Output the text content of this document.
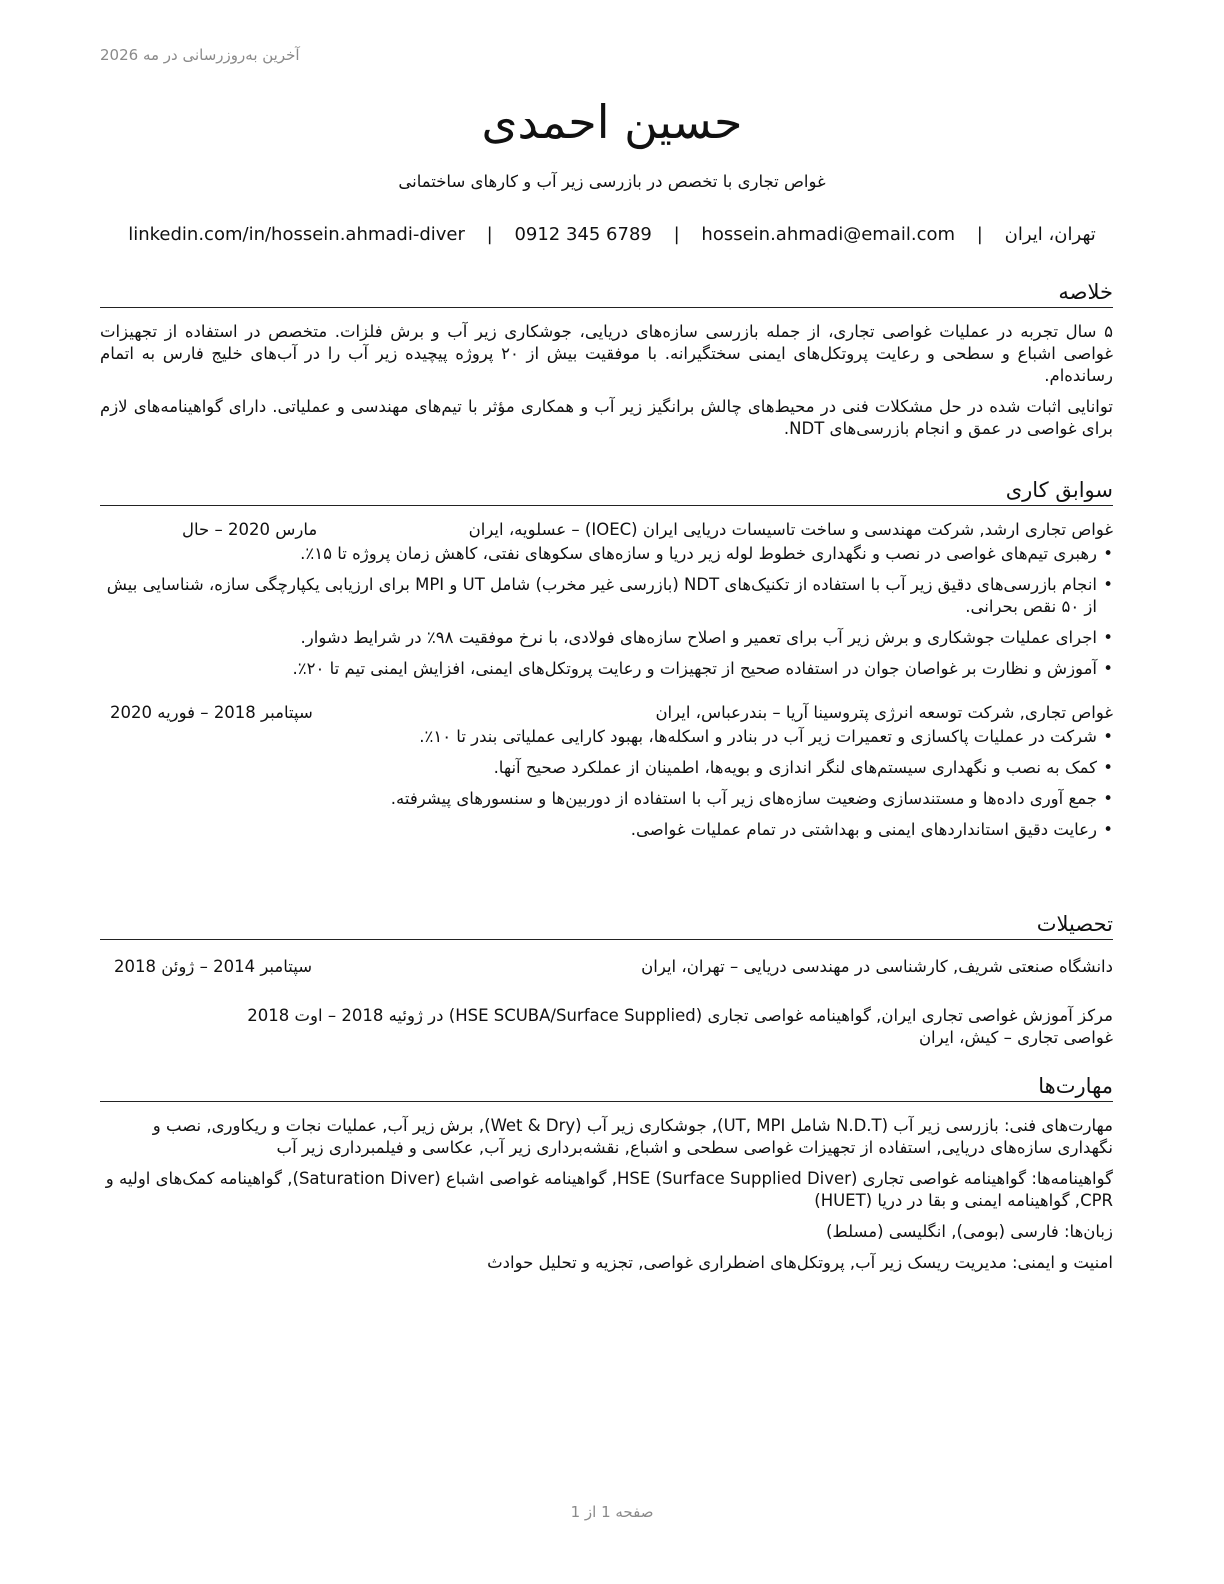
آخرین به‌روزرسانی در مه 2026
حسین احمدی
غواص تجاری با تخصص در بازرسی زیر آب و کارهای ساختمانی
تهران، ایران | hossein.ahmadi@email.com | 0912 345 6789 | linkedin.com/in/hossein.ahmadi-diver
خلاصه

۵ سال تجربه در عملیات غواصی تجاری، از جمله بازرسی سازه‌های دریایی، جوشکاری زیر آب و برش فلزات. متخصص در استفاده از تجهیزات غواصی اشباع و سطحی و رعایت پروتکل‌های ایمنی سختگیرانه. با موفقیت بیش از ۲۰ پروژه پیچیده زیر آب را در آب‌های خلیج فارس به اتمام رسانده‌ام.

توانایی اثبات شده در حل مشکلات فنی در محیط‌های چالش برانگیز زیر آب و همکاری مؤثر با تیم‌های مهندسی و عملیاتی. دارای گواهینامه‌های لازم برای غواصی در عمق و انجام بازرسی‌های NDT.

سوابق کاری
غواص تجاری ارشد, شرکت مهندسی و ساخت تاسیسات دریایی ایران (IOEC) – عسلویه، ایران
مارس 2020 – حال
• رهبری تیم‌های غواصی در نصب و نگهداری خطوط لوله زیر دریا و سازه‌های سکوهای نفتی، کاهش زمان پروژه تا ۱۵٪.
• انجام بازرسی‌های دقیق زیر آب با استفاده از تکنیک‌های NDT (بازرسی غیر مخرب) شامل UT و MPI برای ارزیابی یکپارچگی سازه، شناسایی بیش از ۵۰ نقص بحرانی.
• اجرای عملیات جوشکاری و برش زیر آب برای تعمیر و اصلاح سازه‌های فولادی، با نرخ موفقیت ۹۸٪ در شرایط دشوار.
• آموزش و نظارت بر غواصان جوان در استفاده صحیح از تجهیزات و رعایت پروتکل‌های ایمنی، افزایش ایمنی تیم تا ۲۰٪.
غواص تجاری, شرکت توسعه انرژی پتروسینا آریا – بندرعباس، ایران
سپتامبر 2018 – فوریه 2020
• شرکت در عملیات پاکسازی و تعمیرات زیر آب در بنادر و اسکله‌ها، بهبود کارایی عملیاتی بندر تا ۱۰٪.
• کمک به نصب و نگهداری سیستم‌های لنگر اندازی و بویه‌ها، اطمینان از عملکرد صحیح آنها.
• جمع آوری داده‌ها و مستندسازی وضعیت سازه‌های زیر آب با استفاده از دوربین‌ها و سنسورهای پیشرفته.
• رعایت دقیق استانداردهای ایمنی و بهداشتی در تمام عملیات غواصی.
تحصیلات
دانشگاه صنعتی شریف, کارشناسی در مهندسی دریایی – تهران، ایران
سپتامبر 2014 – ژوئن 2018
مرکز آموزش غواصی تجاری ایران, گواهینامه غواصی تجاری (HSE SCUBA/Surface Supplied) در ژوئیه 2018 – اوت 2018
غواصی تجاری – کیش، ایران
مهارت‌ها

مهارت‌های فنی: بازرسی زیر آب (N.D.T شامل UT, MPI), جوشکاری زیر آب (Wet & Dry), برش زیر آب, عملیات نجات و ریکاوری, نصب و نگهداری سازه‌های دریایی, استفاده از تجهیزات غواصی سطحی و اشباع, نقشه‌برداری زیر آب, عکاسی و فیلمبرداری زیر آب

گواهینامه‌ها: گواهینامه غواصی تجاری HSE (Surface Supplied Diver), گواهینامه غواصی اشباع (Saturation Diver), گواهینامه کمک‌های اولیه و CPR, گواهینامه ایمنی و بقا در دریا (HUET)

زبان‌ها: فارسی (بومی), انگلیسی (مسلط)

امنیت و ایمنی: مدیریت ریسک زیر آب, پروتکل‌های اضطراری غواصی, تجزیه و تحلیل حوادث

صفحه 1 از 1
